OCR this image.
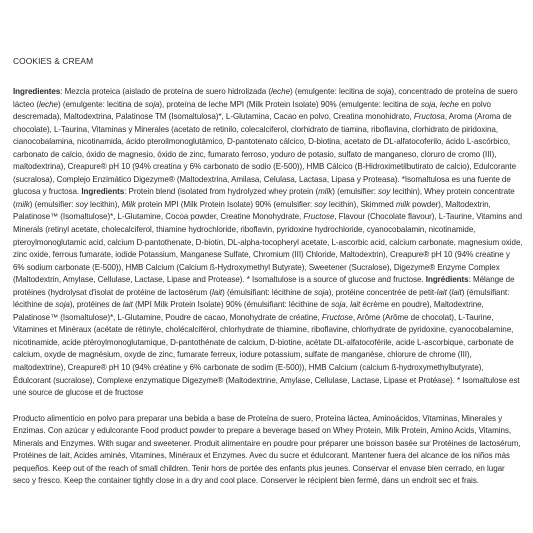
COOKIES & CREAM

Ingredientes: Mezcla proteica (aislado de proteína de suero hidrolizada (leche) (emulgente: lecitina de soja), concentrado de proteína de suero lácteo (leche) (emulgente: lecitina de soja), proteína de leche MPI (Milk Protein Isolate) 90% (emulgente: lecitina de soja, leche en polvo descremada), Maltodextrina, Palatinose TM (Isomaltulosa)*, L-Glutamina, Cacao en polvo, Creatina monohidrato, Fructosa, Aroma (Aroma de chocolate), L-Taurina, Vitaminas y Minerales (acetato de retinilo, colecalciferol, clorhidrato de tiamina, riboflavina, clorhidrato de piridoxina, cianocobalamina, nicotinamida, ácido pteroilmonoglutámico, D-pantotenato cálcico, D-biotina, acetato de DL-alfatocoferilo, ácido L-ascórbico, carbonato de calcio, óxido de magnesio, óxido de zinc, fumarato ferroso, yoduro de potasio, sulfato de manganeso, cloruro de cromo (III), maltodextrina), Creapure® pH 10 (94% creatina y 6% carbonato de sodio (E-500)), HMB Cálcico (B-Hidroximetilbutirato de calcio), Edulcorante (sucralosa), Complejo Enzimático Digezyme® (Maltodextrina, Amilasa, Celulasa, Lactasa, Lipasa y Proteasa). *Isomaltulosa es una fuente de glucosa y fructosa. Ingredients: Protein blend (isolated from hydrolyzed whey protein (milk) (emulsifier: soy lecithin), Whey protein concentrate (milk) (emulsifier: soy lecithin), Milk protein MPI (Milk Protein Isolate) 90% (emulsifier: soy lecithin), Skimmed milk powder), Maltodextrin, Palatinose™ (Isomaltulose)*, L-Glutamine, Cocoa powder, Creatine Monohydrate, Fructose, Flavour (Chocolate flavour), L-Taurine, Vitamins and Minerals (retinyl acetate, cholecalciferol, thiamine hydrochloride, riboflavin, pyridoxine hydrochloride, cyanocobalamin, nicotinamide, pteroylmonoglutamic acid, calcium D-pantothenate, D-biotin, DL-alpha-tocopheryl acetate, L-ascorbic acid, calcium carbonate, magnesium oxide, zinc oxide, ferrous fumarate, iodide Potassium, Manganese Sulfate, Chromium (III) Chloride, Maltodextrin), Creapure® pH 10 (94% creatine y 6% sodium carbonate (E-500)), HMB Calcium (Calcium ß-Hydroxymethyl Butyrate), Sweetener (Sucralose), Digezyme® Enzyme Complex (Maltodextrin, Amylase, Cellulase, Lactase, Lipase and Protease). * Isomaltulose is a source of glucose and fructose. Ingrédients: Mélange de protéines (hydrolysat d'isolat de protéine de lactosérum (lait) (émulsifiant: lécithine de soja), protéine concentrée de petit-lait (lait) (émulsifiant: lécithine de soja), protéines de lait (MPI Milk Protein Isolate) 90% (émulsifiant: lécithine de soja, lait écrème en poudre), Maltodextrine, Palatinose™ (Isomaltulose)*, L-Glutamine, Poudre de cacao, Monohydrate de créatine, Fructose, Arôme (Arôme de chocolat), L-Taurine, Vitamines et Minéraux (acétate de rétinyle, cholécalciférol, chlorhydrate de thiamine, riboflavine, chlorhydrate de pyridoxine, cyanocobalamine, nicotinamide, acide ptéroylmonoglutamique, D-pantothénate de calcium, D-biotine, acétate DL-alfatocoférile, acide L-ascorbique, carbonate de calcium, oxyde de magnésium, oxyde de zinc, fumarate ferreux, iodure potassium, sulfate de manganèse, chlorure de chrome (III), maltodextrine), Creapure® pH 10 (94% créatine y 6% carbonate de sodim (E-500)), HMB Calcium (calcium ß-hydroxymethylbutyrate), Édulcorant (sucralose), Complexe enzymatique Digezyme® (Maltodextrine, Amylase, Cellulase, Lactase, Lipase et Protéase). * Isomaltulose est une source de glucose et de fructose

Producto alimenticio en polvo para preparar una bebida a base de Proteína de suero, Proteína láctea, Aminoácidos, Vitaminas, Minerales y Enzimas. Con azúcar y edulcorante Food product powder to prepare a beverage based on Whey Protein, Milk Protein, Amino Acids, Vitamins, Minerals and Enzymes. With sugar and sweetener. Produit alimentaire en poudre pour préparer une boisson basée sur Protéines de lactosérum, Protéines de lait, Acides aminés, Vitamines, Minéraux et Enzymes. Avec du sucre et édulcorant. Mantener fuera del alcance de los niños más pequeños. Keep out of the reach of small children. Tenir hors de portée des enfants plus jeunes. Conservar el envase bien cerrado, en lugar seco y fresco. Keep the container tightly close in a dry and cool place. Conserver le récipient bien fermé, dans un endroit sec et frais.
